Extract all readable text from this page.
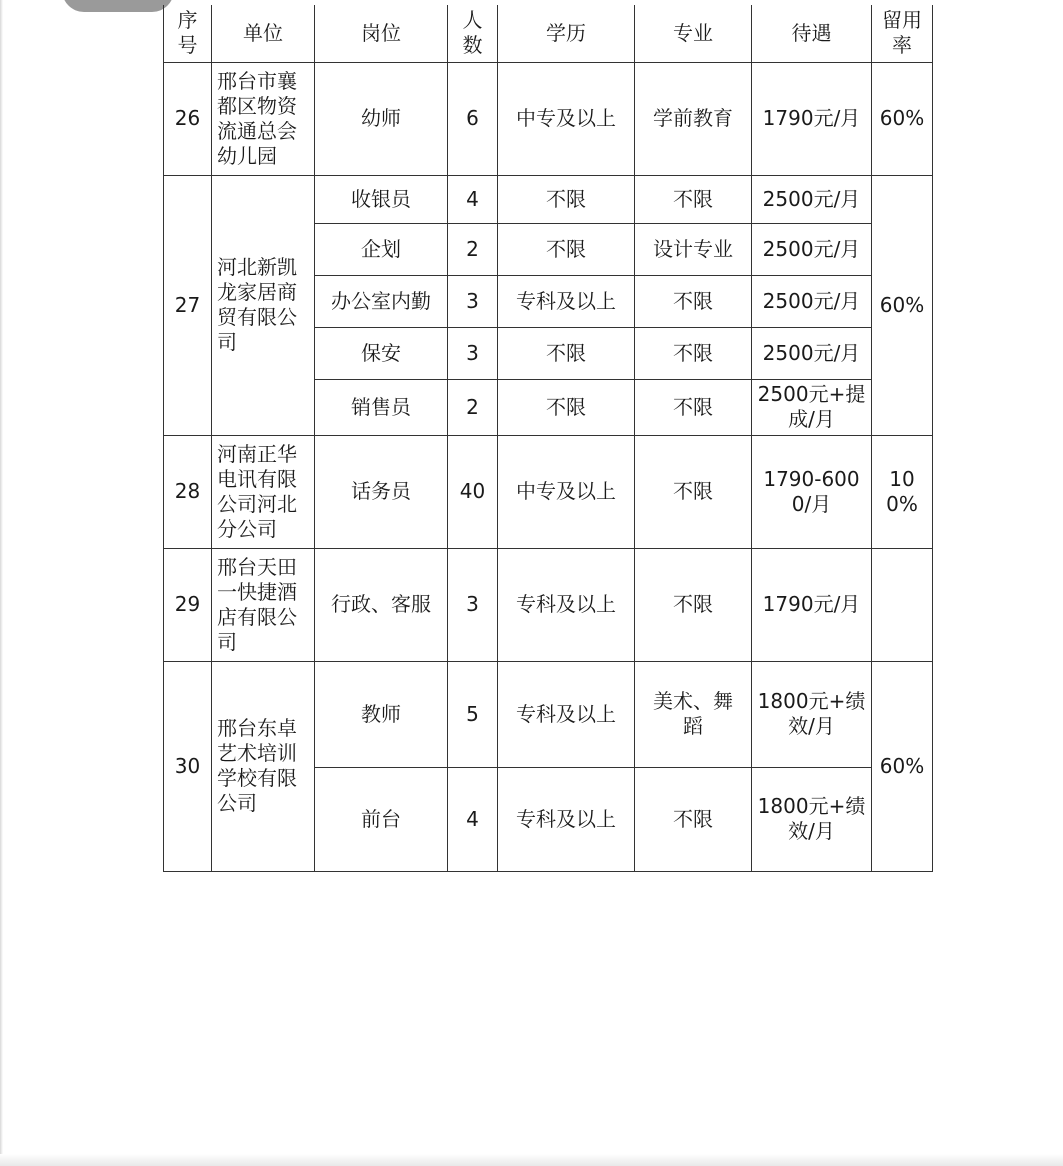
序号	单位	岗位	人数	学历	专业	待遇	留用率
26	邢台市襄都区物资流通总会幼儿园	幼师	6	中专及以上	学前教育	1790元/月	60%
27	河北新凯龙家居商贸有限公司	收银员	4	不限	不限	2500元/月	60%
		企划	2	不限	设计专业	2500元/月	
		办公室内勤	3	专科及以上	不限	2500元/月	
		保安	3	不限	不限	2500元/月	
		销售员	2	不限	不限	2500元+提成/月	
28	河南正华电讯有限公司河北分公司	话务员	40	中专及以上	不限	1790-6000/月	100%
29	邢台天田一快捷酒店有限公司	行政、客服	3	专科及以上	不限	1790元/月	
30	邢台东卓艺术培训学校有限公司	教师	5	专科及以上	美术、舞蹈	1800元+绩效/月	60%
		前台	4	专科及以上	不限	1800元+绩效/月	
